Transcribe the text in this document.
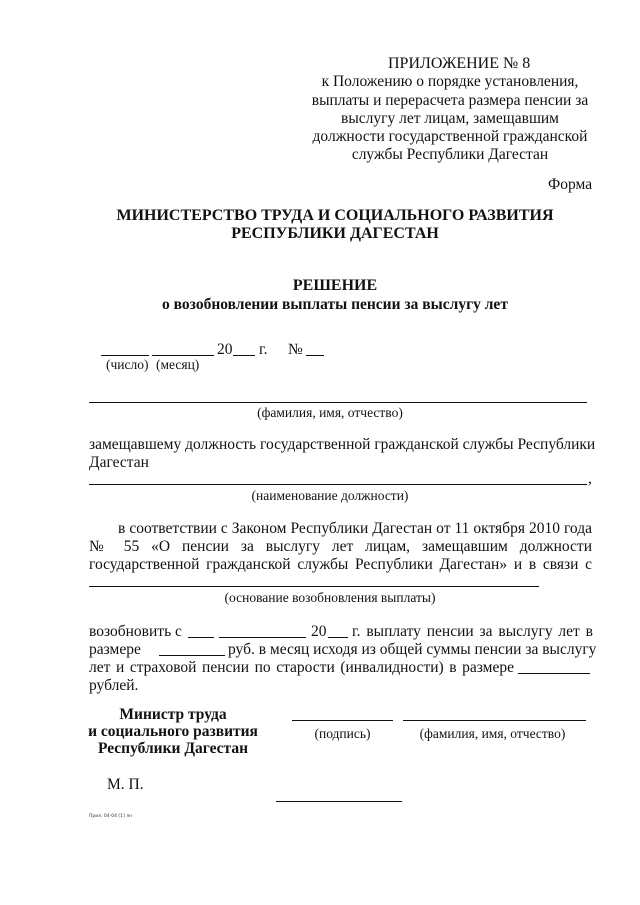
ПРИЛОЖЕНИЕ № 8
к Положению о порядке установления,
выплаты и перерасчета размера пенсии за
выслугу лет лицам, замещавшим
должности государственной гражданской
службы Республики Дагестан
Форма
МИНИСТЕРСТВО ТРУДА И СОЦИАЛЬНОГО РАЗВИТИЯ
РЕСПУБЛИКИ ДАГЕСТАН
РЕШЕНИЕ
о возобновлении выплаты пенсии за выслугу лет
20 г. №
(число) (месяц)
(фамилия, имя, отчество)
замещавшему должность государственной гражданской службы Республики
Дагестан
,
(наименование должности)
в соответствии с Законом Республики Дагестан от 11 октября 2010 года
№ 55 «О пенсии за выслугу лет лицам, замещавшим должности
государственной гражданской службы Республики Дагестан» и в связи с
(основание возобновления выплаты)
возобновить с	20 г. выплату пенсии за выслугу лет в
размере	руб. в месяц исходя из общей суммы пенсии за выслугу
лет и страховой пенсии по старости (инвалидности) в размере
рублей.
Министр труда
и социального развития
Республики Дагестан
(подпись)	(фамилия, имя, отчество)
М. П.
Прил. 04-04 [1] лн
